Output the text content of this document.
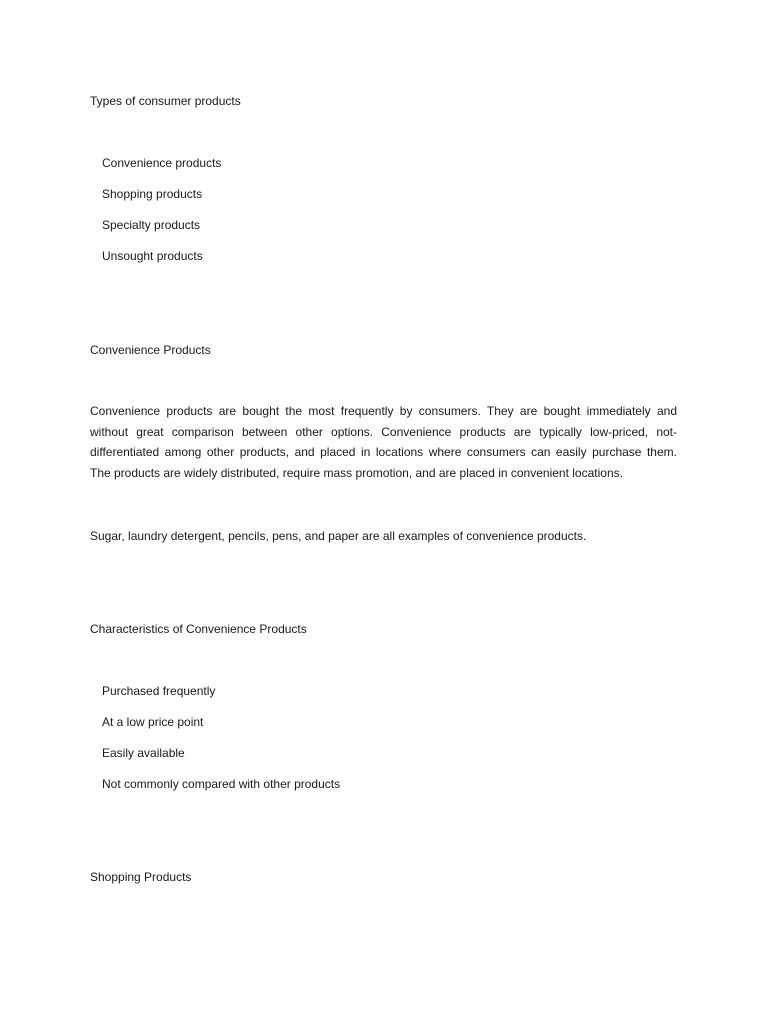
Types of consumer products
Convenience products
Shopping products
Specialty products
Unsought products
Convenience Products
Convenience products are bought the most frequently by consumers. They are bought immediately and
without great comparison between other options. Convenience products are typically low-priced, not-
differentiated among other products, and placed in locations where consumers can easily purchase them.
The products are widely distributed, require mass promotion, and are placed in convenient locations.
Sugar, laundry detergent, pencils, pens, and paper are all examples of convenience products.
Characteristics of Convenience Products
Purchased frequently
At a low price point
Easily available
Not commonly compared with other products
Shopping Products
